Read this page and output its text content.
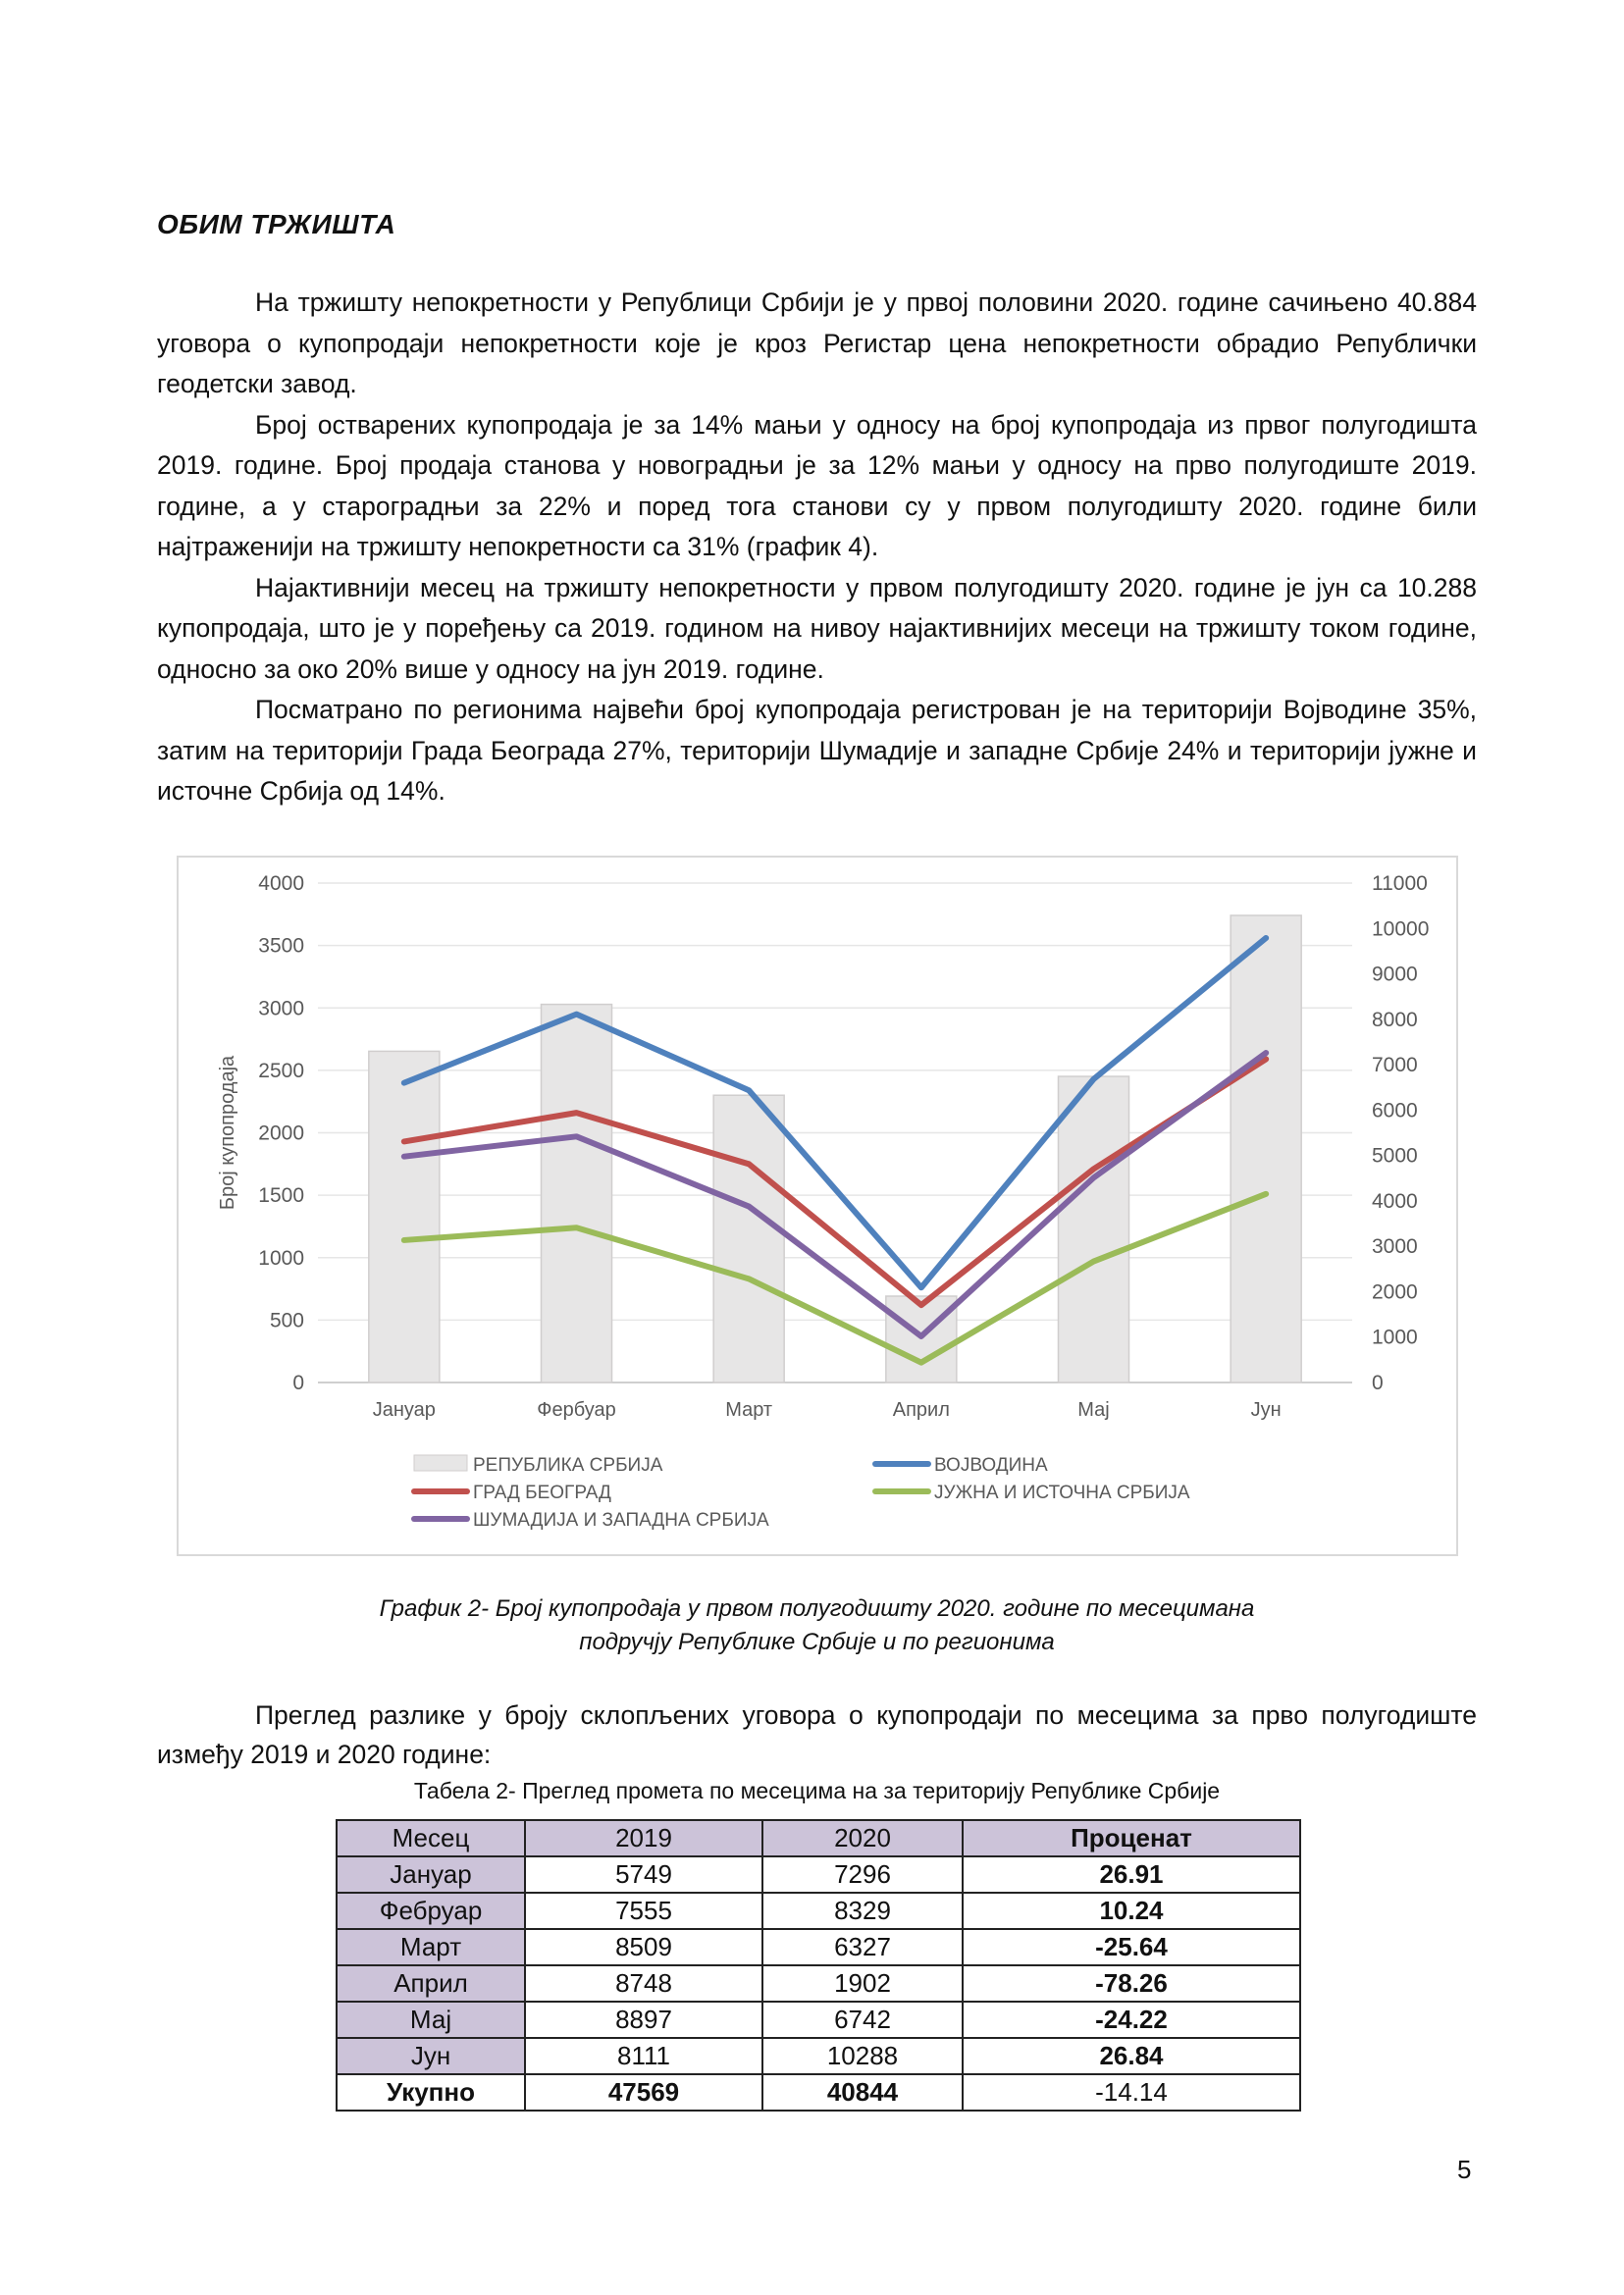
ОБИМ ТРЖИШТА

На тржишту непокретности у Републици Србији је у првој половини 2020. године сачињено 40.884 уговора о купопродаји непокретности које је кроз Регистар цена непокретности обрадио Републички геодетски завод.

Број остварених купопродаја је за 14% мањи у односу на број купопродаја из првог полугодишта 2019. године. Број продаја станова у новоградњи је за 12% мањи у односу на прво полугодиште 2019. године, а у староградњи за 22% и поред тога станови су у првом полугодишту 2020. године били најтраженији на тржишту непокретности са 31% (график 4).

Најактивнији месец на тржишту непокретности у првом полугодишту 2020. године је јун са 10.288 купопродаја, што је у поређењу са 2019. годином на нивоу најактивнијих месеци на тржишту током године, односно за око 20% више у односу на јун 2019. године.

Посматрано по регионима највећи број купопродаја регистрован је на територији Војводине 35%, затим на територији Града Београда 27%, територији Шумадије и западне Србије 24% и територији јужне и источне Србија од 14%.

4000
3500
3000
2500
2000
1500
1000
500
0
11000
10000
9000
8000
7000
6000
5000
4000
3000
2000
1000
0
Број купопродаја
Јануар	Фербуар	Март	Април	Мај	Јун
РЕПУБЛИКА СРБИЈА	ВОЈВОДИНА
ГРАД БЕОГРАД	ЈУЖНА И ИСТОЧНА СРБИЈА
ШУМАДИЈА И ЗАПАДНА СРБИЈА
График 2- Број купопродаја у првом полугодишту 2020. године по месецимана
подручју Републике Србије и по регионима

Преглед разлике у броју склопљених уговора о купопродаји по месецима за прво полугодиште између 2019 и 2020 године:

Табела 2- Преглед промета по месецима на за територију Републике Србије
Месец	2019	2020	Проценат
Јануар	5749	7296	26.91
Фебруар	7555	8329	10.24
Март	8509	6327	-25.64
Април	8748	1902	-78.26
Мај	8897	6742	-24.22
Јун	8111	10288	26.84
Укупно	47569	40844	-14.14
5
